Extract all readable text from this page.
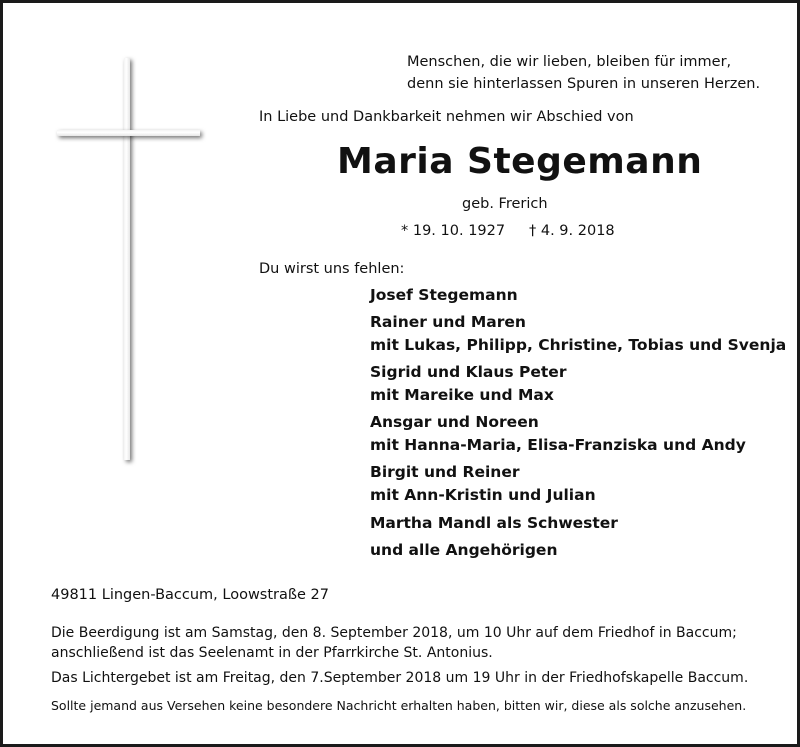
Menschen, die wir lieben, bleiben für immer,
denn sie hinterlassen Spuren in unseren Herzen.
In Liebe und Dankbarkeit nehmen wir Abschied von
Maria Stegemann
geb. Frerich
* 19. 10. 1927 † 4. 9. 2018
Du wirst uns fehlen:
Josef Stegemann
Rainer und Maren
mit Lukas, Philipp, Christine, Tobias und Svenja
Sigrid und Klaus Peter
mit Mareike und Max
Ansgar und Noreen
mit Hanna-Maria, Elisa-Franziska und Andy
Birgit und Reiner
mit Ann-Kristin und Julian
Martha Mandl als Schwester
und alle Angehörigen
49811 Lingen-Baccum, Loowstraße 27
Die Beerdigung ist am Samstag, den 8. September 2018, um 10 Uhr auf dem Friedhof in Baccum;
anschließend ist das Seelenamt in der Pfarrkirche St. Antonius.
Das Lichtergebet ist am Freitag, den 7.September 2018 um 19 Uhr in der Friedhofskapelle Baccum.
Sollte jemand aus Versehen keine besondere Nachricht erhalten haben, bitten wir, diese als solche anzusehen.
